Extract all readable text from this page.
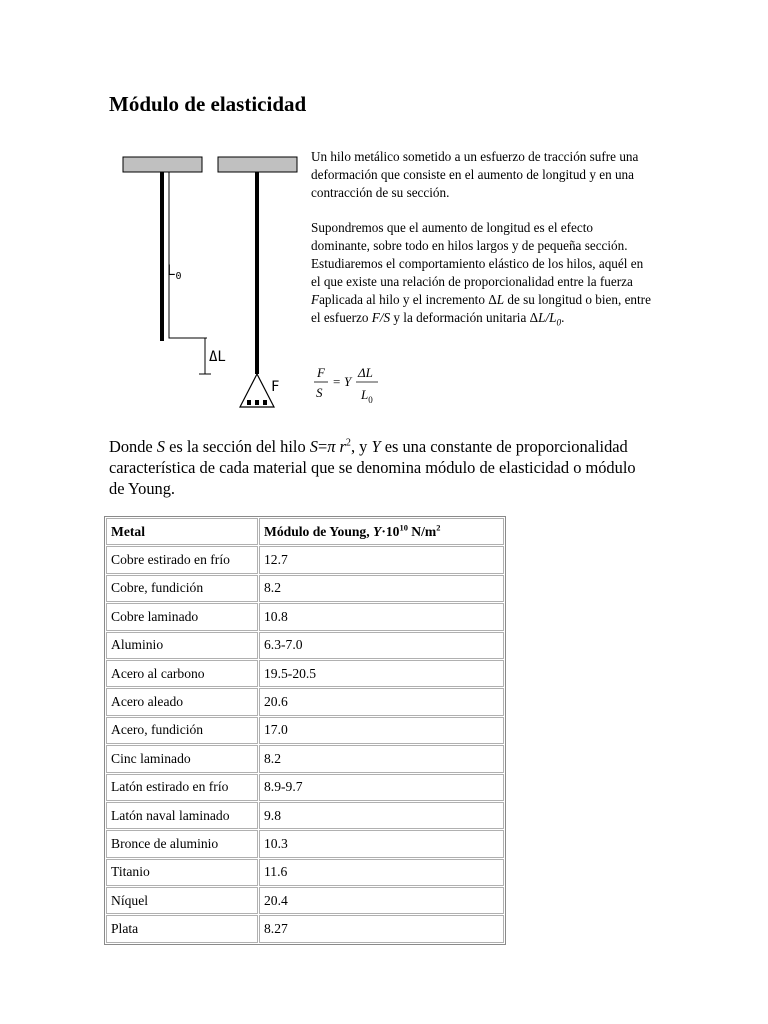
Módulo de elasticidad
$L_0$
ΔL
F

Un hilo metálico sometido a un esfuerzo de tracción sufre una deformación que consiste en el aumento de longitud y en una contracción de su sección.

Supondremos que el aumento de longitud es el efecto dominante, sobre todo en hilos largos y de pequeña sección. Estudiaremos el comportamiento elástico de los hilos, aquél en el que existe una relación de proporcionalidad entre la fuerza Faplicada al hilo y el incremento ΔL de su longitud o bien, entre el esfuerzo F/S y la deformación unitaria $\Delta L/L_0$.

F
S
= Y
ΔL
$L_0$

Donde S es la sección del hilo S=π $r^2$, y Y es una constante de proporcionalidad característica de cada material que se denomina módulo de elasticidad o módulo de Young.

Metal	Módulo de Young, $Y\cdot 10^{10}$ $N/m^2$
Cobre estirado en frío	12.7
Cobre, fundición	8.2
Cobre laminado	10.8
Aluminio	6.3-7.0
Acero al carbono	19.5-20.5
Acero aleado	20.6
Acero, fundición	17.0
Cinc laminado	8.2
Latón estirado en frío	8.9-9.7
Latón naval laminado	9.8
Bronce de aluminio	10.3
Titanio	11.6
Níquel	20.4
Plata	8.27
